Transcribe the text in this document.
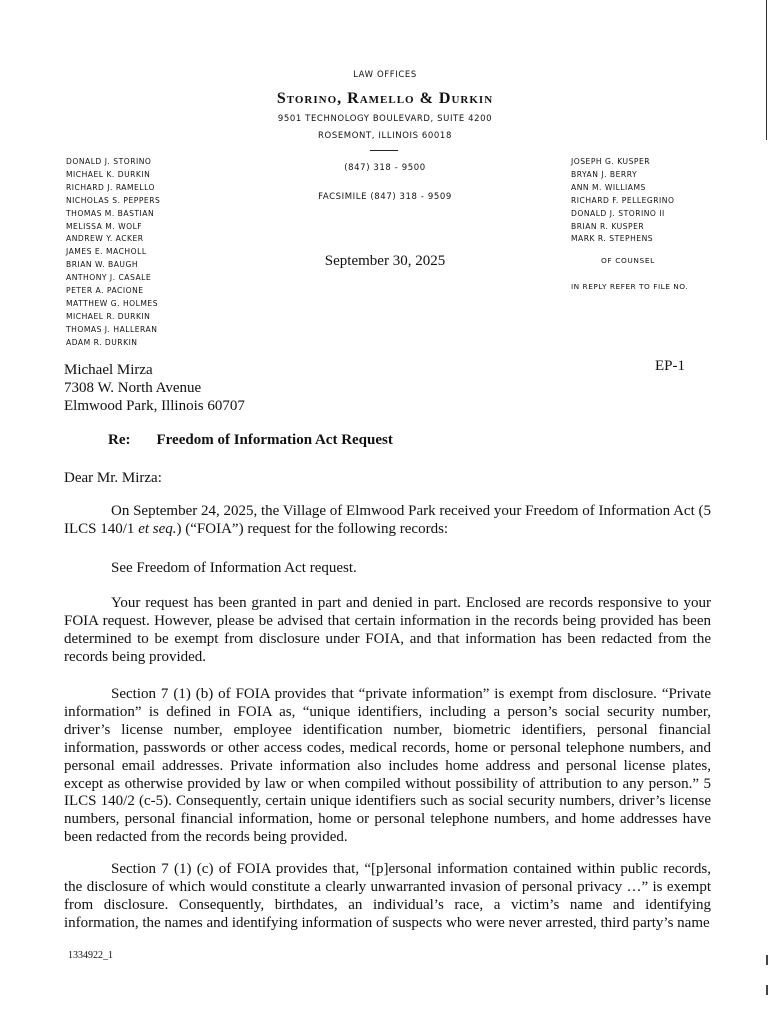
LAW OFFICES
Storino, Ramello & Durkin
9501 TECHNOLOGY BOULEVARD, SUITE 4200
ROSEMONT, ILLINOIS 60018
(847) 318 - 9500
FACSIMILE (847) 318 - 9509
DONALD J. STORINO
MICHAEL K. DURKIN
RICHARD J. RAMELLO
NICHOLAS S. PEPPERS
THOMAS M. BASTIAN
MELISSA M. WOLF
ANDREW Y. ACKER
JAMES E. MACHOLL
BRIAN W. BAUGH
ANTHONY J. CASALE
PETER A. PACIONE
MATTHEW G. HOLMES
MICHAEL R. DURKIN
THOMAS J. HALLERAN
ADAM R. DURKIN
JOSEPH G. KUSPER
BRYAN J. BERRY
ANN M. WILLIAMS
RICHARD F. PELLEGRINO
DONALD J. STORINO II
BRIAN R. KUSPER
MARK R. STEPHENS
OF COUNSEL
IN REPLY REFER TO FILE NO.
September 30, 2025
Michael Mirza
7308 W. North Avenue
Elmwood Park, Illinois 60707
EP-1
Re: Freedom of Information Act Request
Dear Mr. Mirza:

On September 24, 2025, the Village of Elmwood Park received your Freedom of Information Act (5 ILCS 140/1 et seq.) (“FOIA”) request for the following records:

See Freedom of Information Act request.

Your request has been granted in part and denied in part. Enclosed are records responsive to your FOIA request. However, please be advised that certain information in the records being provided has been determined to be exempt from disclosure under FOIA, and that information has been redacted from the records being provided.

Section 7 (1) (b) of FOIA provides that “private information” is exempt from disclosure. “Private information” is defined in FOIA as, “unique identifiers, including a person’s social security number, driver’s license number, employee identification number, biometric identifiers, personal financial information, passwords or other access codes, medical records, home or personal telephone numbers, and personal email addresses. Private information also includes home address and personal license plates, except as otherwise provided by law or when compiled without possibility of attribution to any person.” 5 ILCS 140/2 (c-5). Consequently, certain unique identifiers such as social security numbers, driver’s license numbers, personal financial information, home or personal telephone numbers, and home addresses have been redacted from the records being provided.

Section 7 (1) (c) of FOIA provides that, “[p]ersonal information contained within public records, the disclosure of which would constitute a clearly unwarranted invasion of personal privacy …” is exempt from disclosure. Consequently, birthdates, an individual’s race, a victim’s name and identifying information, the names and identifying information of suspects who were never arrested, third party’s name

1334922_1
